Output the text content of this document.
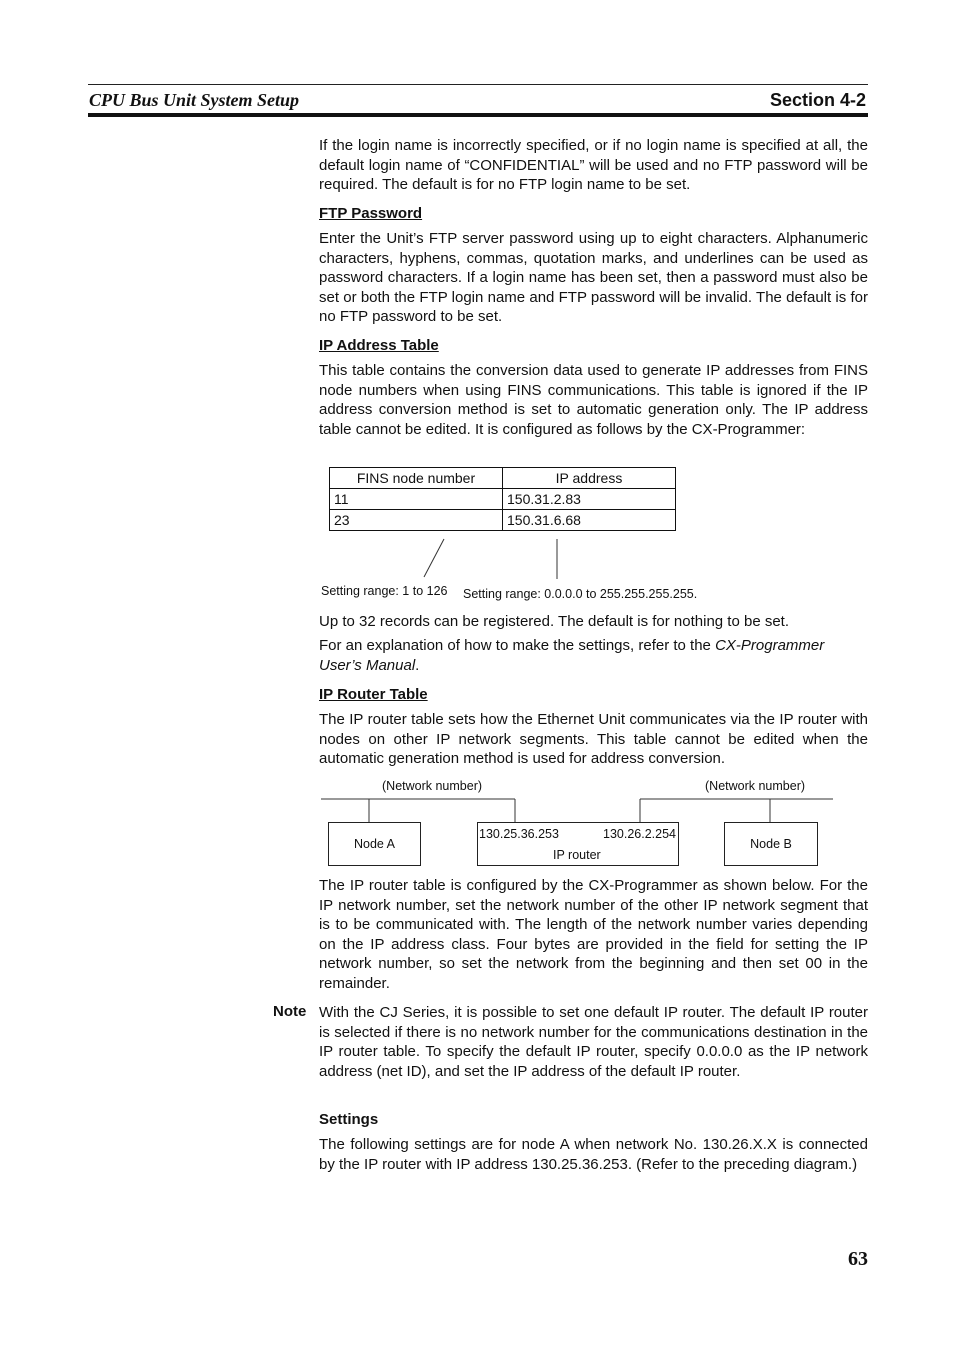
CPU Bus Unit System Setup	Section 4-2
If the login name is incorrectly specified, or if no login name is specified at all, the default login name of “CONFIDENTIAL” will be used and no FTP password will be required. The default is for no FTP login name to be set.
FTP Password
Enter the Unit’s FTP server password using up to eight characters. Alphanumeric characters, hyphens, commas, quotation marks, and underlines can be used as password characters. If a login name has been set, then a password must also be set or both the FTP login name and FTP password will be invalid. The default is for no FTP password to be set.
IP Address Table
This table contains the conversion data used to generate IP addresses from FINS node numbers when using FINS communications. This table is ignored if the IP address conversion method is set to automatic generation only. The IP address table cannot be edited. It is configured as follows by the CX-Programmer:
FINS node number	IP address
11	150.31.2.83
23	150.31.6.68
Setting range: 1 to 126 Setting range: 0.0.0.0 to 255.255.255.255.
Up to 32 records can be registered. The default is for nothing to be set.
For an explanation of how to make the settings, refer to the CX-Programmer User’s Manual.
IP Router Table
The IP router table sets how the Ethernet Unit communicates via the IP router with nodes on other IP network segments. This table cannot be edited when the automatic generation method is used for address conversion.
(Network number)	(Network number)
Node A
130.25.36.253	130.26.2.254
IP router
Node B
The IP router table is configured by the CX-Programmer as shown below. For the IP network number, set the network number of the other IP network segment that is to be communicated with. The length of the network number varies depending on the IP address class. Four bytes are provided in the field for setting the IP network number, so set the network from the beginning and then set 00 in the remainder.
Note With the CJ Series, it is possible to set one default IP router. The default IP router is selected if there is no network number for the communications destination in the IP router table. To specify the default IP router, specify 0.0.0.0 as the IP network address (net ID), and set the IP address of the default IP router.
Settings
The following settings are for node A when network No. 130.26.X.X is connected by the IP router with IP address 130.25.36.253. (Refer to the preceding diagram.)
63
